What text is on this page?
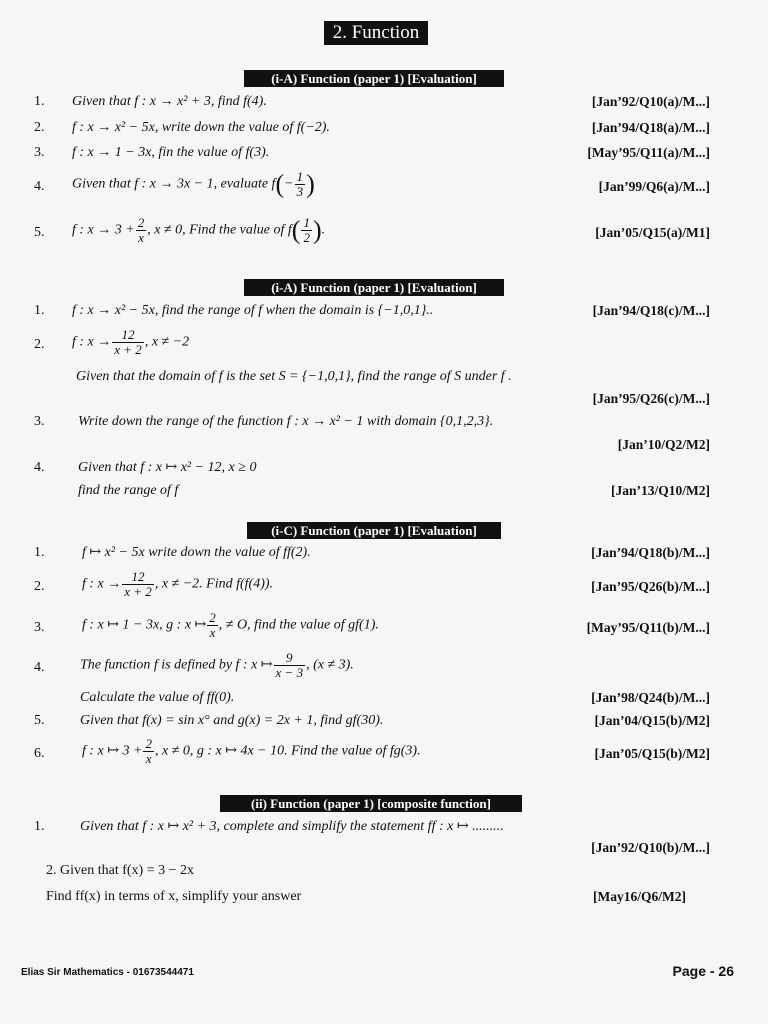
2. Function
(i-A) Function (paper 1) [Evaluation]
1. Given that f : x → x² + 3, find f(4).	[Jan’92/Q10(a)/M...]
2. f : x → x² − 5x, write down the value of f(−2).	[Jan’94/Q18(a)/M...]
3. f : x → 1 − 3x, fin the value of f(3).	[May’95/Q11(a)/M...]
4. Given that f : x → 3x − 1, evaluate $f(- \frac{1}{3}$ )	[Jan’99/Q6(a)/M...]
5. f : $x \to 3 + \frac{2}{x}$ , x ≠ 0, Find the value of $f( \frac{1}{2}$ ).	[Jan’05/Q15(a)/M1]
(i-A) Function (paper 1) [Evaluation]
1. f : x → x² − 5x, find the range of f when the domain is {−1,0,1}..	[Jan’94/Q18(c)/M...]
2. f : $x \to \frac{12}{x + 2}$ , x ≠ −2
Given that the domain of f is the set S = {−1,0,1}, find the range of S under f .
[Jan’95/Q26(c)/M...]
3. Write down the range of the function f : x → x² − 1 with domain {0,1,2,3}.
[Jan’10/Q2/M2]
4. Given that f : x ↦ x² − 12, x ≥ 0
find the range of f	[Jan’13/Q10/M2]
(i-C) Function (paper 1) [Evaluation]
1.	f ↦ x² − 5x write down the value of ff(2).	[Jan’94/Q18(b)/M...]
2.	f : $x \to \frac{12}{x + 2}$ , x ≠ −2. Find f(f(4)).	[Jan’95/Q26(b)/M...]
3.	f : x ↦ 1 − 3x, g : x ↦ $\frac{2}{x}$ , ≠ O, find the value of gf(1).	[May’95/Q11(b)/M...]
4.	The function f is defined by f : x ↦ $\frac{9}{x - 3}$ , (x ≠ 3).
Calculate the value of ff(0).	[Jan’98/Q24(b)/M...]
5.	Given that f(x) = sin x° and g(x) = 2x + 1, find gf(30).	[Jan’04/Q15(b)/M2]
6.	f : x ↦ $3 + \frac{2}{x}$ , x ≠ 0, g : x ↦ 4x − 10. Find the value of fg(3).	[Jan’05/Q15(b)/M2]
(ii) Function (paper 1) [composite function]
1.	Given that f : x ↦ x² + 3, complete and simplify the statement ff : x ↦ .........
[Jan’92/Q10(b)/M...]
2. Given that f(x) = 3 − 2x
Find ff(x) in terms of x, simplify your answer	[May16/Q6/M2]
Elias Sir Mathematics - 01673544471	Page - 26
